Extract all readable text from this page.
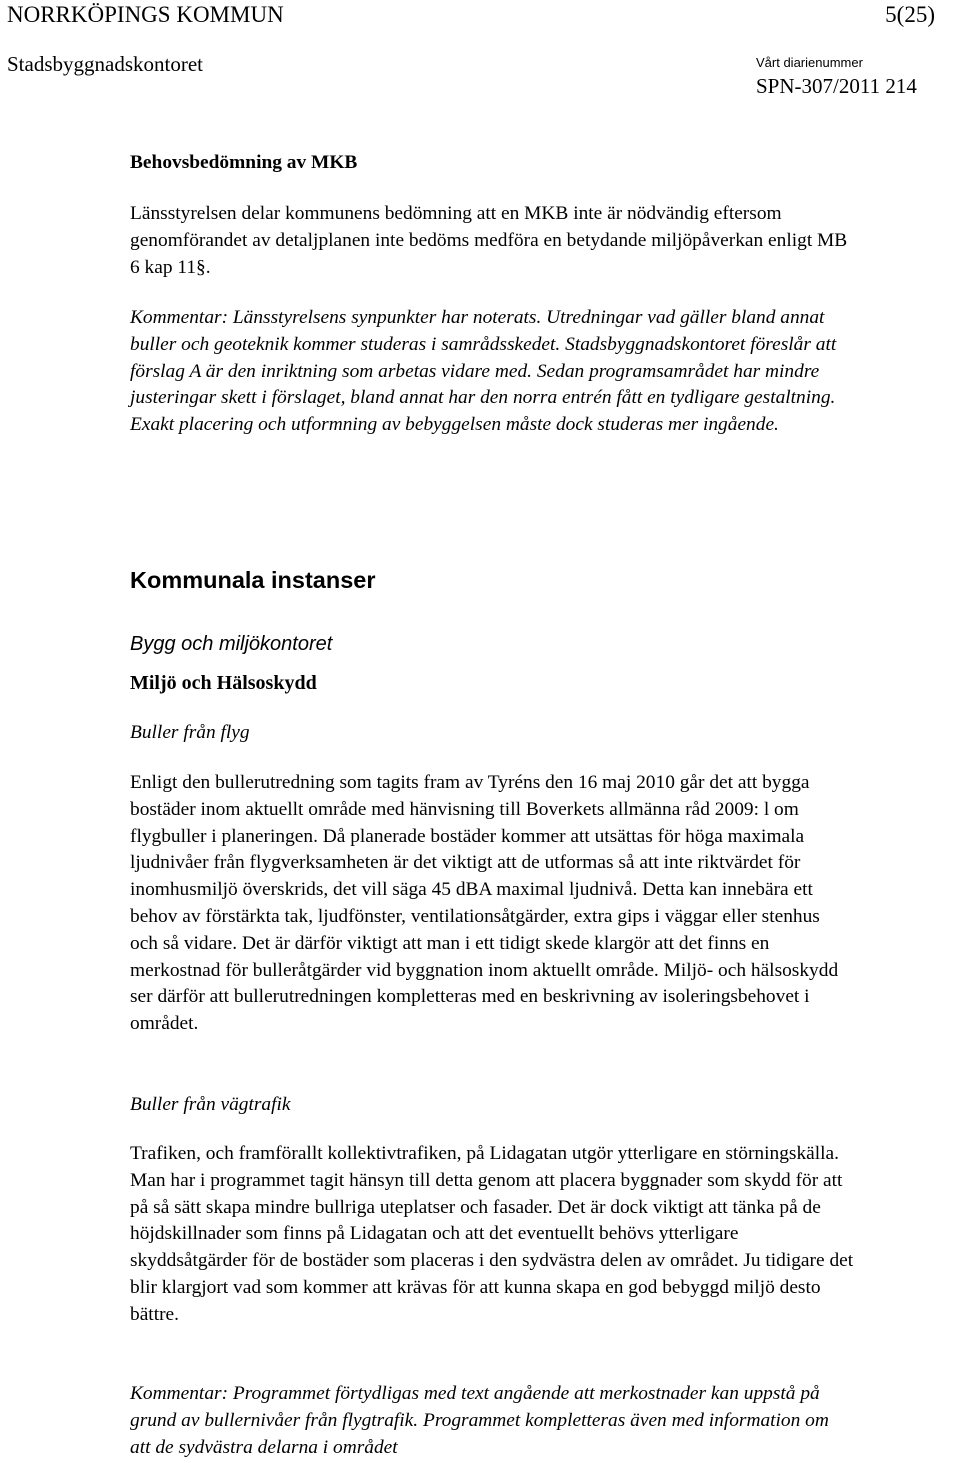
NORRKÖPINGS KOMMUN	5(25)
Stadsbyggnadskontoret	Vårt diarienummer
SPN-307/2011 214

Behovsbedömning av MKB

Länsstyrelsen delar kommunens bedömning att en MKB inte är nödvändig eftersom genomförandet av detaljplanen inte bedöms medföra en betydande miljöpåverkan enligt MB 6 kap 11§.

Kommentar: Länsstyrelsens synpunkter har noterats. Utredningar vad gäller bland annat buller och geoteknik kommer studeras i samrådsskedet. Stadsbyggnadskontoret föreslår att förslag A är den inriktning som arbetas vidare med. Sedan programsamrådet har mindre justeringar skett i förslaget, bland annat har den norra entrén fått en tydligare gestaltning. Exakt placering och utformning av bebyggelsen måste dock studeras mer ingående.

Kommunala instanser

Bygg och miljökontoret

Miljö och Hälsoskydd

Buller från flyg

Enligt den bullerutredning som tagits fram av Tyréns den 16 maj 2010 går det att bygga bostäder inom aktuellt område med hänvisning till Boverkets allmänna råd 2009: l om flygbuller i planeringen. Då planerade bostäder kommer att utsättas för höga maximala ljudnivåer från flygverksamheten är det viktigt att de utformas så att inte riktvärdet för inomhusmiljö överskrids, det vill säga 45 dBA maximal ljudnivå. Detta kan innebära ett behov av förstärkta tak, ljudfönster, ventilationsåtgärder, extra gips i väggar eller stenhus och så vidare. Det är därför viktigt att man i ett tidigt skede klargör att det finns en merkostnad för bulleråtgärder vid byggnation inom aktuellt område. Miljö- och hälsoskydd ser därför att bullerutredningen kompletteras med en beskrivning av isoleringsbehovet i området.

Buller från vägtrafik

Trafiken, och framförallt kollektivtrafiken, på Lidagatan utgör ytterligare en störningskälla. Man har i programmet tagit hänsyn till detta genom att placera byggnader som skydd för att på så sätt skapa mindre bullriga uteplatser och fasader. Det är dock viktigt att tänka på de höjdskillnader som finns på Lidagatan och att det eventuellt behövs ytterligare skyddsåtgärder för de bostäder som placeras i den sydvästra delen av området. Ju tidigare det blir klargjort vad som kommer att krävas för att kunna skapa en god bebyggd miljö desto bättre.

Kommentar: Programmet förtydligas med text angående att merkostnader kan uppstå på grund av bullernivåer från flygtrafik. Programmet kompletteras även med information om att de sydvästra delarna i området
